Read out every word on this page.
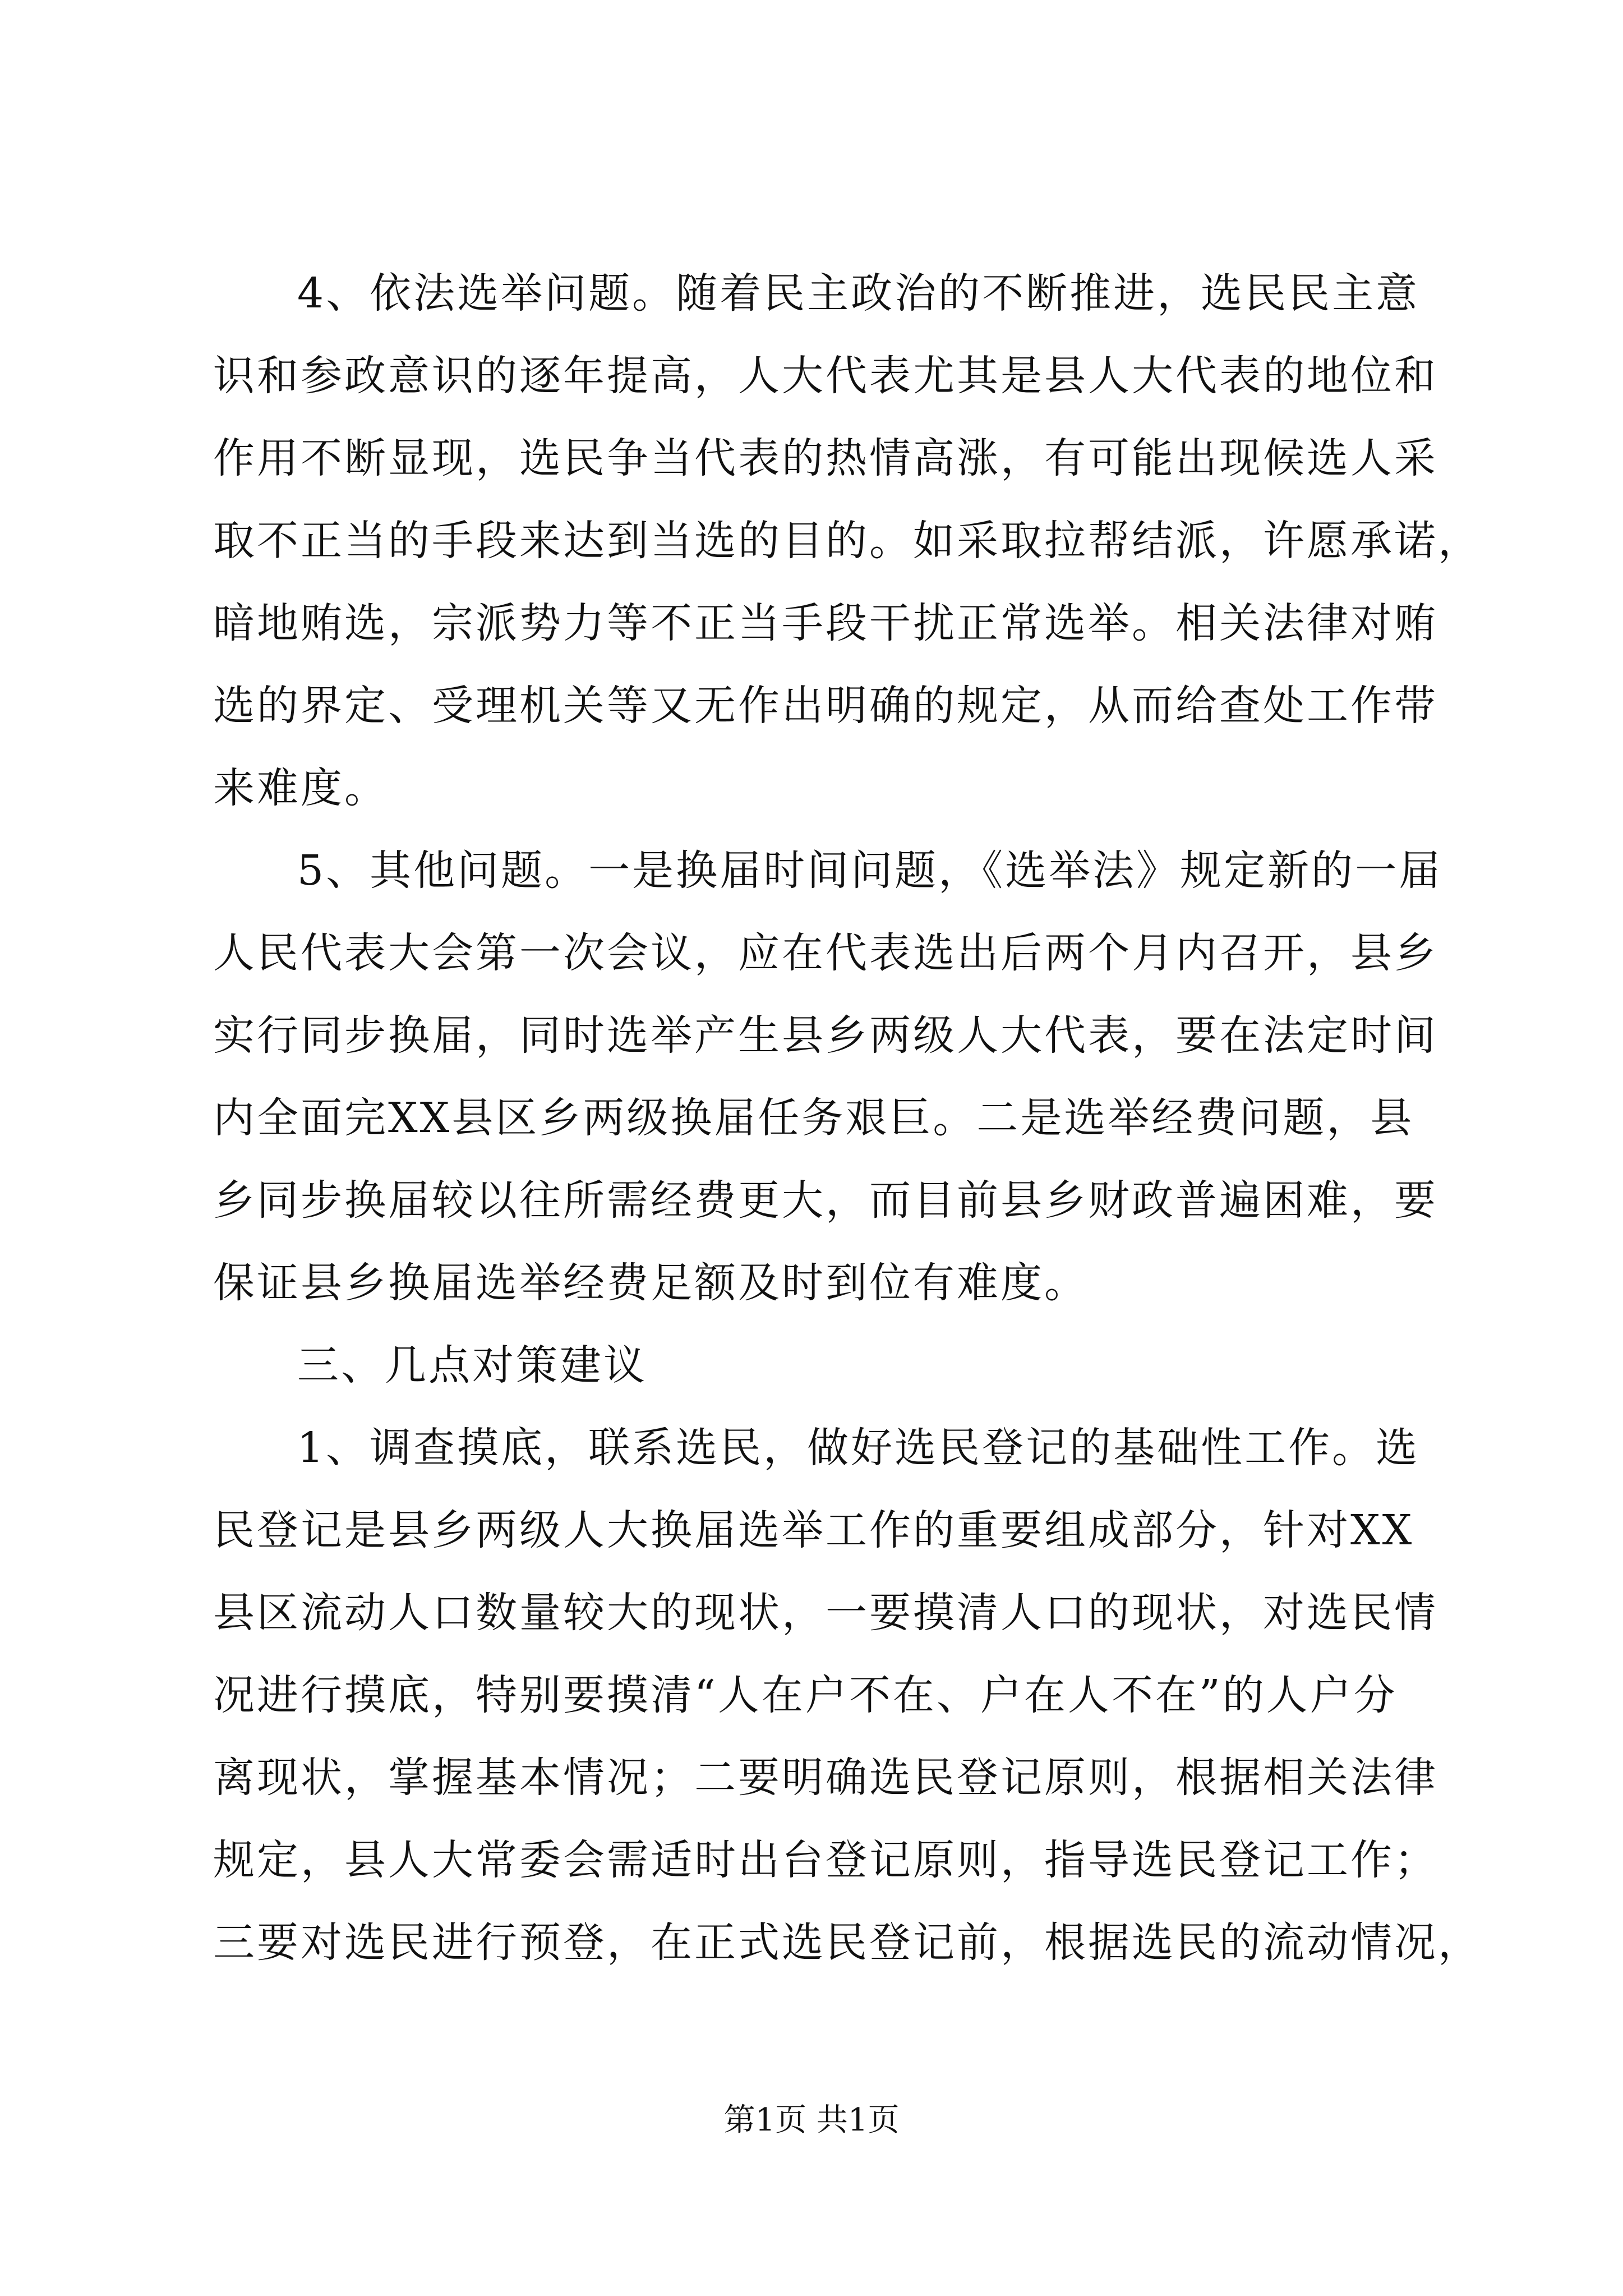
4、依法选举问题。随着民主政治的不断推进，选民民主意
识和参政意识的逐年提高，人大代表尤其是县人大代表的地位和
作用不断显现，选民争当代表的热情高涨，有可能出现候选人采
取不正当的手段来达到当选的目的。如采取拉帮结派，许愿承诺，
暗地贿选，宗派势力等不正当手段干扰正常选举。相关法律对贿
选的界定、受理机关等又无作出明确的规定，从而给查处工作带
来难度。
5、其他问题。一是换届时间问题，《选举法》规定新的一届
人民代表大会第一次会议，应在代表选出后两个月内召开，县乡
实行同步换届，同时选举产生县乡两级人大代表，要在法定时间
内全面完XX县区乡两级换届任务艰巨。二是选举经费问题，县
乡同步换届较以往所需经费更大，而目前县乡财政普遍困难，要
保证县乡换届选举经费足额及时到位有难度。
三、几点对策建议
1、调查摸底，联系选民，做好选民登记的基础性工作。选
民登记是县乡两级人大换届选举工作的重要组成部分，针对XX
县区流动人口数量较大的现状，一要摸清人口的现状，对选民情
况进行摸底，特别要摸清“人在户不在、户在人不在”的人户分
离现状，掌握基本情况；二要明确选民登记原则，根据相关法律
规定，县人大常委会需适时出台登记原则，指导选民登记工作；
三要对选民进行预登，在正式选民登记前，根据选民的流动情况，
第1页 共1页
